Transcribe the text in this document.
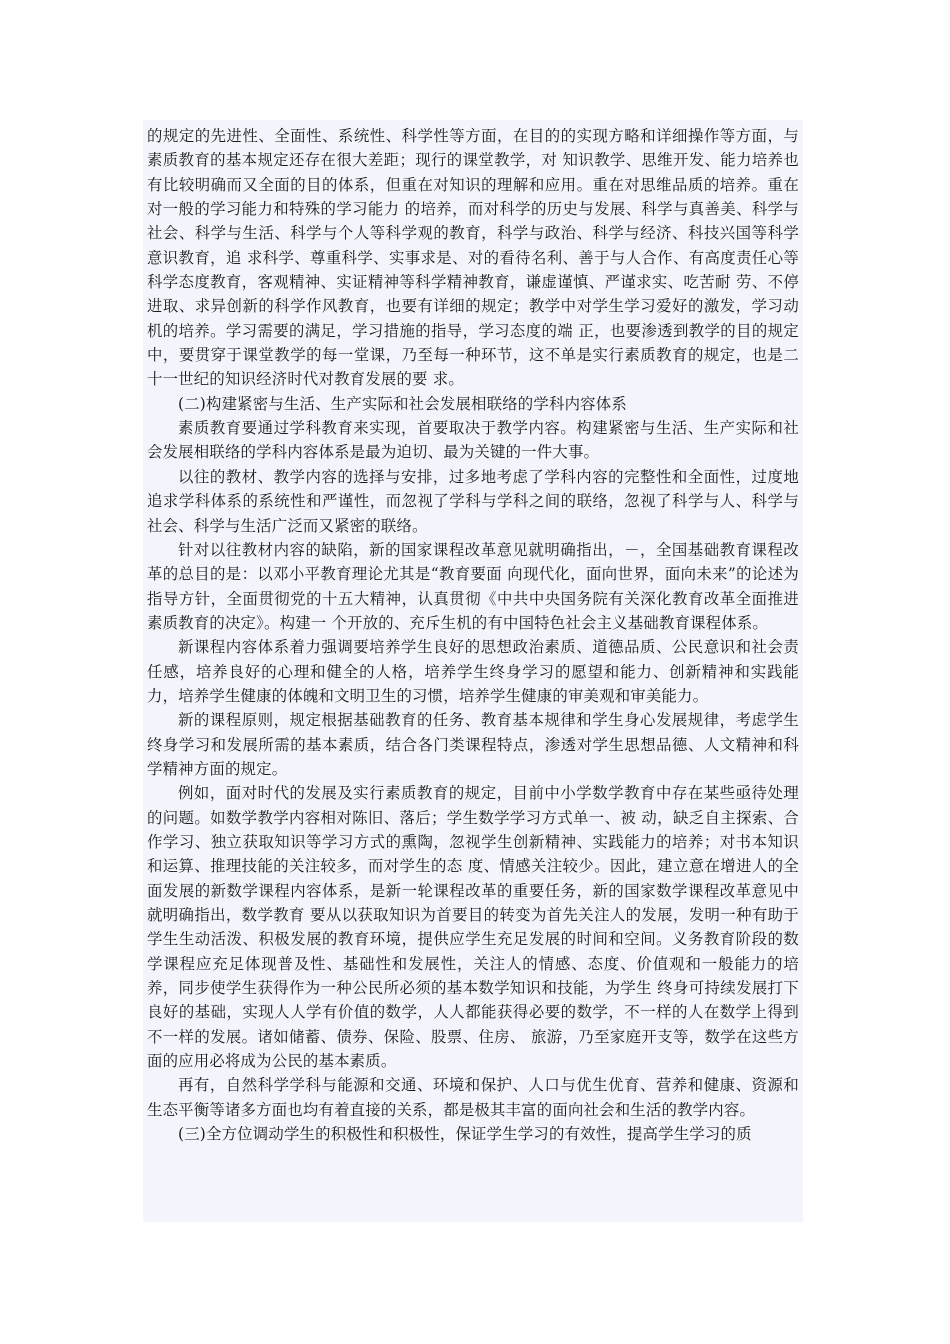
的规定的先进性、全面性、系统性、科学性等方面，在目的的实现方略和详细操作等方面，与素质教育的基本规定还存在很大差距；现行的课堂教学，对 知识教学、思维开发、能力培养也有比较明确而又全面的目的体系，但重在对知识的理解和应用。重在对思维品质的培养。重在对一般的学习能力和特殊的学习能力 的培养，而对科学的历史与发展、科学与真善美、科学与社会、科学与生活、科学与个人等科学观的教育，科学与政治、科学与经济、科技兴国等科学意识教育，追 求科学、尊重科学、实事求是、对的看待名利、善于与人合作、有高度责任心等科学态度教育，客观精神、实证精神等科学精神教育，谦虚谨慎、严谨求实、吃苦耐 劳、不停进取、求异创新的科学作风教育，也要有详细的规定；教学中对学生学习爱好的激发，学习动机的培养。学习需要的满足，学习措施的指导，学习态度的端 正，也要渗透到教学的目的规定中，要贯穿于课堂教学的每一堂课，乃至每一种环节，这不单是实行素质教育的规定，也是二十一世纪的知识经济时代对教育发展的要 求。

(二)构建紧密与生活、生产实际和社会发展相联络的学科内容体系

素质教育要通过学科教育来实现，首要取决于教学内容。构建紧密与生活、生产实际和社会发展相联络的学科内容体系是最为迫切、最为关键的一件大事。

以往的教材、教学内容的选择与安排，过多地考虑了学科内容的完整性和全面性，过度地追求学科体系的系统性和严谨性，而忽视了学科与学科之间的联络，忽视了科学与人、科学与社会、科学与生活广泛而又紧密的联络。

针对以往教材内容的缺陷，新的国家课程改革意见就明确指出，－，全国基础教育课程改革的总目的是：以邓小平教育理论尤其是“教育要面 向现代化，面向世界，面向未来”的论述为指导方针，全面贯彻党的十五大精神，认真贯彻《中共中央国务院有关深化教育改革全面推进素质教育的决定》。构建一 个开放的、充斥生机的有中国特色社会主义基础教育课程体系。

新课程内容体系着力强调要培养学生良好的思想政治素质、道德品质、公民意识和社会责任感，培养良好的心理和健全的人格，培养学生终身学习的愿望和能力、创新精神和实践能力，培养学生健康的体魄和文明卫生的习惯，培养学生健康的审美观和审美能力。

新的课程原则，规定根据基础教育的任务、教育基本规律和学生身心发展规律，考虑学生终身学习和发展所需的基本素质，结合各门类课程特点，渗透对学生思想品德、人文精神和科学精神方面的规定。

例如，面对时代的发展及实行素质教育的规定，目前中小学数学教育中存在某些亟待处理的问题。如数学教学内容相对陈旧、落后；学生数学学习方式单一、被 动，缺乏自主探索、合作学习、独立获取知识等学习方式的熏陶，忽视学生创新精神、实践能力的培养；对书本知识和运算、推理技能的关注较多，而对学生的态 度、情感关注较少。因此，建立意在增进人的全面发展的新数学课程内容体系，是新一轮课程改革的重要任务，新的国家数学课程改革意见中就明确指出，数学教育 要从以获取知识为首要目的转变为首先关注人的发展，发明一种有助于学生生动活泼、积极发展的教育环境，提供应学生充足发展的时间和空间。义务教育阶段的数 学课程应充足体现普及性、基础性和发展性，关注人的情感、态度、价值观和一般能力的培养，同步使学生获得作为一种公民所必须的基本数学知识和技能，为学生 终身可持续发展打下良好的基础，实现人人学有价值的数学，人人都能获得必要的数学，不一样的人在数学上得到不一样的发展。诸如储蓄、债券、保险、股票、住房、 旅游，乃至家庭开支等，数学在这些方面的应用必将成为公民的基本素质。

再有，自然科学学科与能源和交通、环境和保护、人口与优生优育、营养和健康、资源和生态平衡等诸多方面也均有着直接的关系，都是极其丰富的面向社会和生活的教学内容。

(三)全方位调动学生的积极性和积极性，保证学生学习的有效性，提高学生学习的质
